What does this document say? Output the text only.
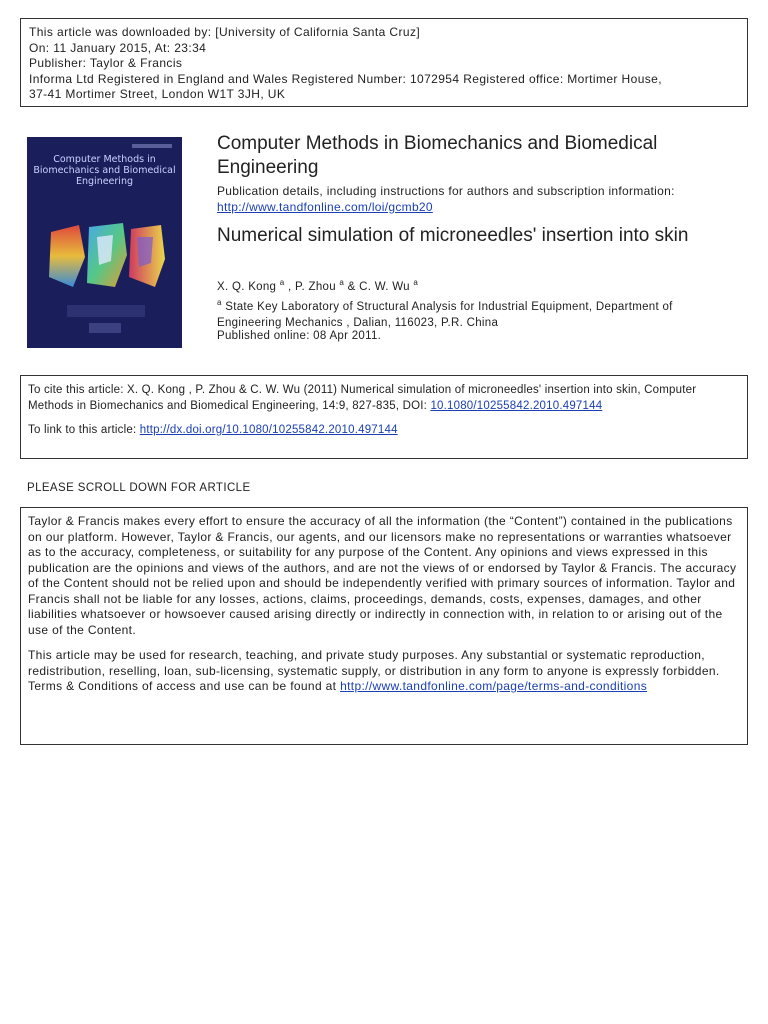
This article was downloaded by: [University of California Santa Cruz]
On: 11 January 2015, At: 23:34
Publisher: Taylor & Francis
Informa Ltd Registered in England and Wales Registered Number: 1072954 Registered office: Mortimer House,
37-41 Mortimer Street, London W1T 3JH, UK
Computer Methods in Biomechanics and Biomedical Engineering
Computer Methods in Biomechanics and Biomedical Engineering
Publication details, including instructions for authors and subscription information:
http://www.tandfonline.com/loi/gcmb20
Numerical simulation of microneedles' insertion into skin
X. Q. Kong $^a$ , P. Zhou $^a$ & C. W. Wu $^a$
$^a$ State Key Laboratory of Structural Analysis for Industrial Equipment, Department of Engineering Mechanics , Dalian, 116023, P.R. China
Published online: 08 Apr 2011.

To cite this article: X. Q. Kong , P. Zhou & C. W. Wu (2011) Numerical simulation of microneedles' insertion into skin, Computer Methods in Biomechanics and Biomedical Engineering, 14:9, 827-835, DOI: 10.1080/10255842.2010.497144

To link to this article: http://dx.doi.org/10.1080/10255842.2010.497144

PLEASE SCROLL DOWN FOR ARTICLE

Taylor & Francis makes every effort to ensure the accuracy of all the information (the “Content”) contained in the publications on our platform. However, Taylor & Francis, our agents, and our licensors make no representations or warranties whatsoever as to the accuracy, completeness, or suitability for any purpose of the Content. Any opinions and views expressed in this publication are the opinions and views of the authors, and are not the views of or endorsed by Taylor & Francis. The accuracy of the Content should not be relied upon and should be independently verified with primary sources of information. Taylor and Francis shall not be liable for any losses, actions, claims, proceedings, demands, costs, expenses, damages, and other liabilities whatsoever or howsoever caused arising directly or indirectly in connection with, in relation to or arising out of the use of the Content.

This article may be used for research, teaching, and private study purposes. Any substantial or systematic reproduction, redistribution, reselling, loan, sub-licensing, systematic supply, or distribution in any form to anyone is expressly forbidden. Terms & Conditions of access and use can be found at http://www.tandfonline.com/page/terms-and-conditions
